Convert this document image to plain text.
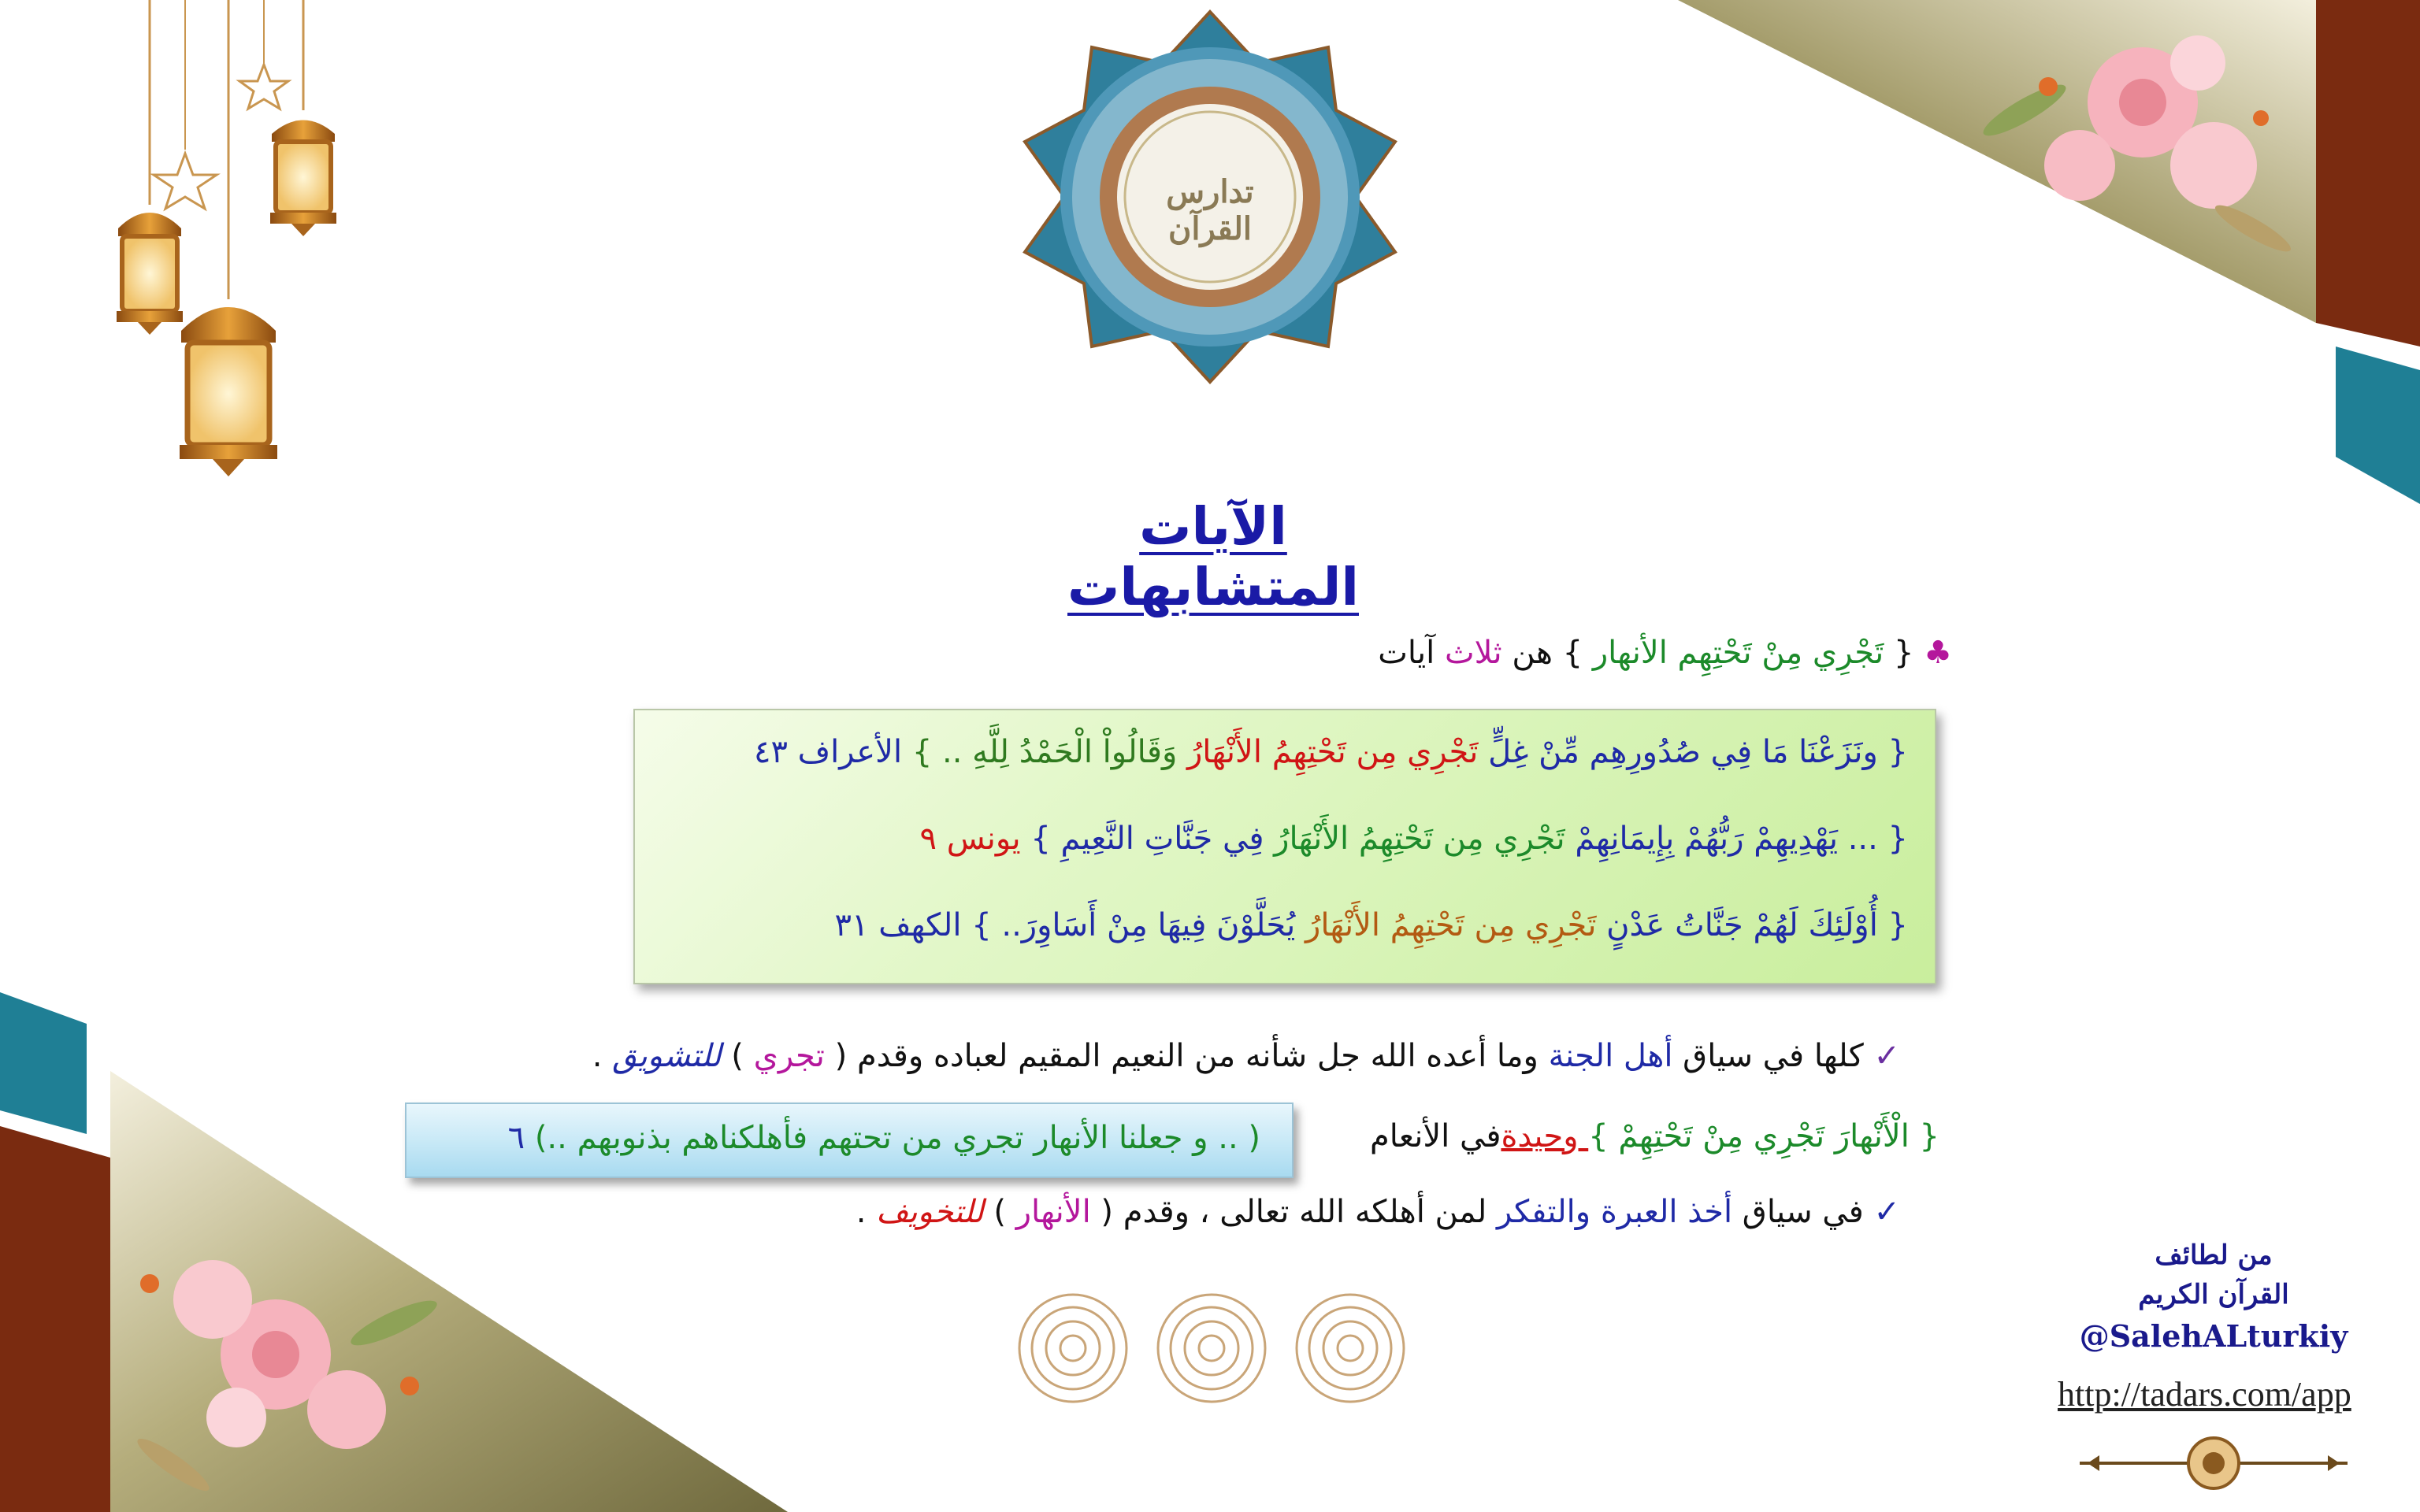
تدارس القرآن
الآيات المتشابهات
♣ { تَجْرِي مِنْ تَحْتِهِم الأنهار } هن ثلاث آيات
{ ونَزَعْنَا مَا فِي صُدُورِهِم مِّنْ غِلٍّ تَجْرِي مِن تَحْتِهِمُ الأَنْهَارُ وَقَالُواْ الْحَمْدُ لِلَّهِ .. } الأعراف ٤٣
{ ... يَهْدِيهِمْ رَبُّهُمْ بِإِيمَانِهِمْ تَجْرِي مِن تَحْتِهِمُ الأَنْهَارُ فِي جَنَّاتِ النَّعِيمِ } يونس ٩
{ أُوْلَئِكَ لَهُمْ جَنَّاتُ عَدْنٍ تَجْرِي مِن تَحْتِهِمُ الأَنْهَارُ يُحَلَّوْنَ فِيهَا مِنْ أَسَاوِرَ.. } الكهف ٣١
✓ كلها في سياق أهل الجنة وما أعده الله جل شأنه من النعيم المقيم لعباده وقدم ( تجري ) للتشويق .
{ الْأَنْهارَ تَجْرِي مِنْ تَحْتِهِمْ } وحيدةفي الأنعام
( .. و جعلنا الأنهار تجري من تحتهم فأهلكناهم بذنوبهم ..) ٦
✓ في سياق أخذ العبرة والتفكر لمن أهلكه الله تعالى ، وقدم ( الأنهار ) للتخويف .
من لطائف
القرآن الكريم
@SalehALturkiy
http://tadars.com/app
